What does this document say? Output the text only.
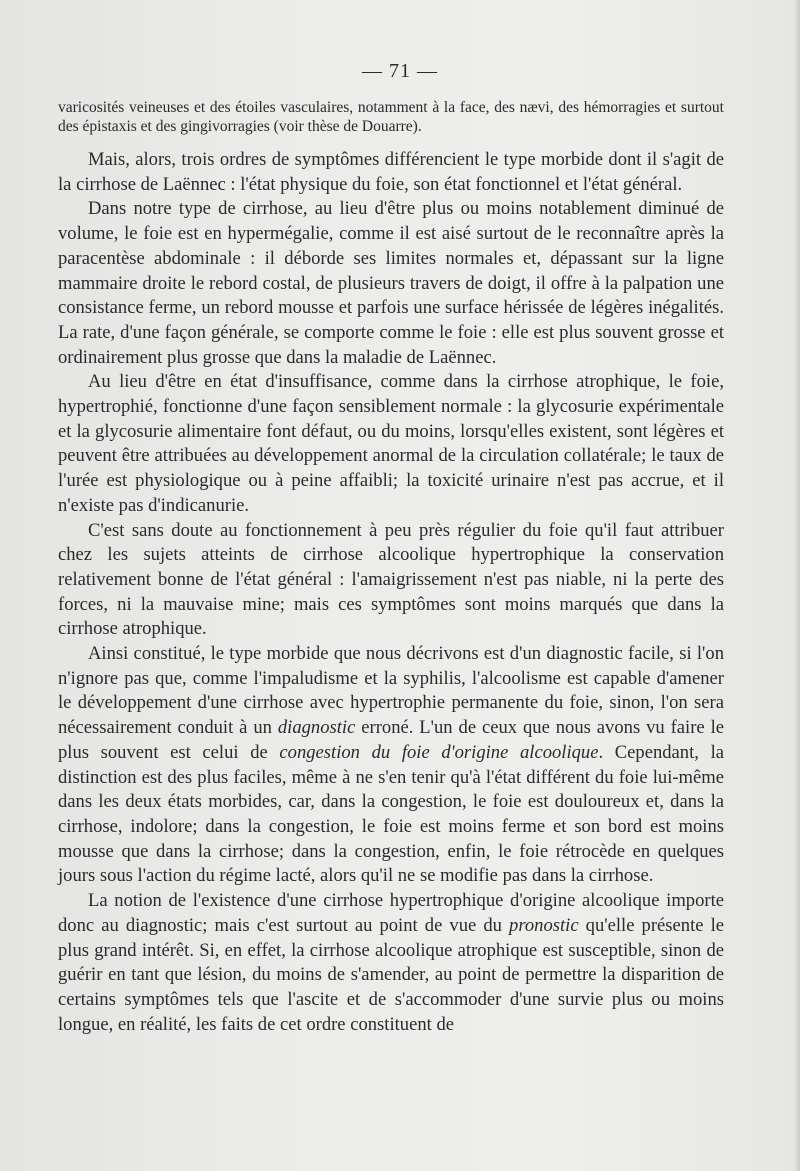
— 71 —
varicosités veineuses et des étoiles vasculaires, notamment à la face, des nævi, des hémorragies et surtout des épistaxis et des gingivorragies (voir thèse de Douarre).

Mais, alors, trois ordres de symptômes différencient le type morbide dont il s'agit de la cirrhose de Laënnec : l'état physique du foie, son état fonctionnel et l'état général.

Dans notre type de cirrhose, au lieu d'être plus ou moins notablement diminué de volume, le foie est en hypermégalie, comme il est aisé surtout de le reconnaître après la paracentèse abdominale : il déborde ses limites normales et, dépassant sur la ligne mammaire droite le rebord costal, de plusieurs travers de doigt, il offre à la palpation une consistance ferme, un rebord mousse et parfois une surface hérissée de légères inégalités. La rate, d'une façon générale, se comporte comme le foie : elle est plus souvent grosse et ordinairement plus grosse que dans la maladie de Laënnec.

Au lieu d'être en état d'insuffisance, comme dans la cirrhose atrophique, le foie, hypertrophié, fonctionne d'une façon sensiblement normale : la glycosurie expérimentale et la glycosurie alimentaire font défaut, ou du moins, lorsqu'elles existent, sont légères et peuvent être attribuées au développement anormal de la circulation collatérale; le taux de l'urée est physiologique ou à peine affaibli; la toxicité urinaire n'est pas accrue, et il n'existe pas d'indicanurie.

C'est sans doute au fonctionnement à peu près régulier du foie qu'il faut attribuer chez les sujets atteints de cirrhose alcoolique hypertrophique la conservation relativement bonne de l'état général : l'amaigrissement n'est pas niable, ni la perte des forces, ni la mauvaise mine; mais ces symptômes sont moins marqués que dans la cirrhose atrophique.

Ainsi constitué, le type morbide que nous décrivons est d'un diagnostic facile, si l'on n'ignore pas que, comme l'impaludisme et la syphilis, l'alcoolisme est capable d'amener le développement d'une cirrhose avec hypertrophie permanente du foie, sinon, l'on sera nécessairement conduit à un diagnostic erroné. L'un de ceux que nous avons vu faire le plus souvent est celui de congestion du foie d'origine alcoolique. Cependant, la distinction est des plus faciles, même à ne s'en tenir qu'à l'état différent du foie lui-même dans les deux états morbides, car, dans la congestion, le foie est douloureux et, dans la cirrhose, indolore; dans la congestion, le foie est moins ferme et son bord est moins mousse que dans la cirrhose; dans la congestion, enfin, le foie rétrocède en quelques jours sous l'action du régime lacté, alors qu'il ne se modifie pas dans la cirrhose.

La notion de l'existence d'une cirrhose hypertrophique d'origine alcoolique importe donc au diagnostic; mais c'est surtout au point de vue du pronostic qu'elle présente le plus grand intérêt. Si, en effet, la cirrhose alcoolique atrophique est susceptible, sinon de guérir en tant que lésion, du moins de s'amender, au point de permettre la disparition de certains symptômes tels que l'ascite et de s'accommoder d'une survie plus ou moins longue, en réalité, les faits de cet ordre constituent de
